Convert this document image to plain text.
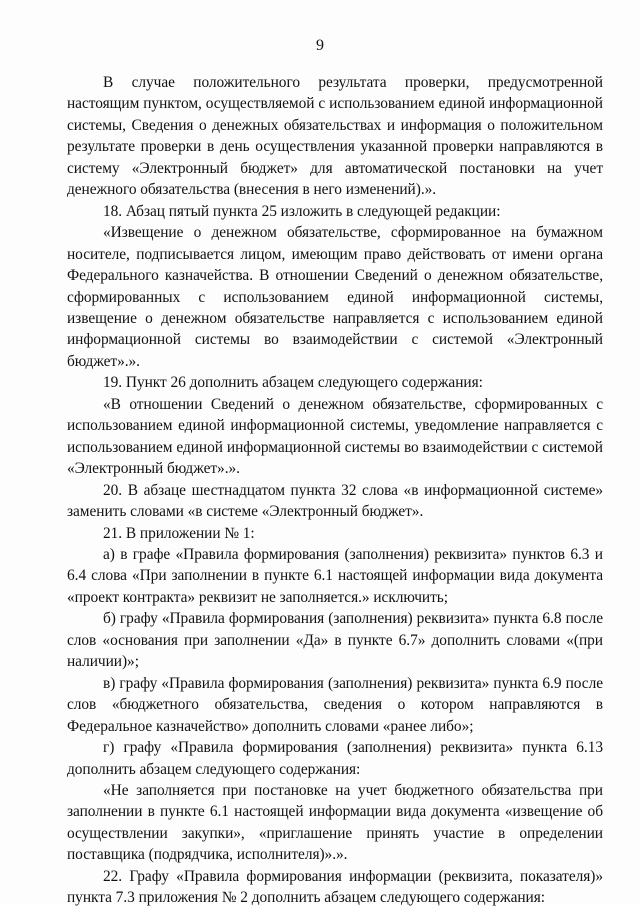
9

В случае положительного результата проверки, предусмотренной настоящим пунктом, осуществляемой с использованием единой информационной системы, Сведения о денежных обязательствах и информация о положительном результате проверки в день осуществления указанной проверки направляются в систему «Электронный бюджет» для автоматической постановки на учет денежного обязательства (внесения в него изменений).».

18. Абзац пятый пункта 25 изложить в следующей редакции:

«Извещение о денежном обязательстве, сформированное на бумажном носителе, подписывается лицом, имеющим право действовать от имени органа Федерального казначейства. В отношении Сведений о денежном обязательстве, сформированных с использованием единой информационной системы, извещение о денежном обязательстве направляется с использованием единой информационной системы во взаимодействии с системой «Электронный бюджет».».

19. Пункт 26 дополнить абзацем следующего содержания:

«В отношении Сведений о денежном обязательстве, сформированных с использованием единой информационной системы, уведомление направляется с использованием единой информационной системы во взаимодействии с системой «Электронный бюджет».».

20. В абзаце шестнадцатом пункта 32 слова «в информационной системе» заменить словами «в системе «Электронный бюджет».

21. В приложении № 1:

а) в графе «Правила формирования (заполнения) реквизита» пунктов 6.3 и 6.4 слова «При заполнении в пункте 6.1 настоящей информации вида документа «проект контракта» реквизит не заполняется.» исключить;

б) графу «Правила формирования (заполнения) реквизита» пункта 6.8 после слов «основания при заполнении «Да» в пункте 6.7» дополнить словами «(при наличии)»;

в) графу «Правила формирования (заполнения) реквизита» пункта 6.9 после слов «бюджетного обязательства, сведения о котором направляются в Федеральное казначейство» дополнить словами «ранее либо»;

г) графу «Правила формирования (заполнения) реквизита» пункта 6.13 дополнить абзацем следующего содержания:

«Не заполняется при постановке на учет бюджетного обязательства при заполнении в пункте 6.1 настоящей информации вида документа «извещение об осуществлении закупки», «приглашение принять участие в определении поставщика (подрядчика, исполнителя)».».

22. Графу «Правила формирования информации (реквизита, показателя)» пункта 7.3 приложения № 2 дополнить абзацем следующего содержания:
